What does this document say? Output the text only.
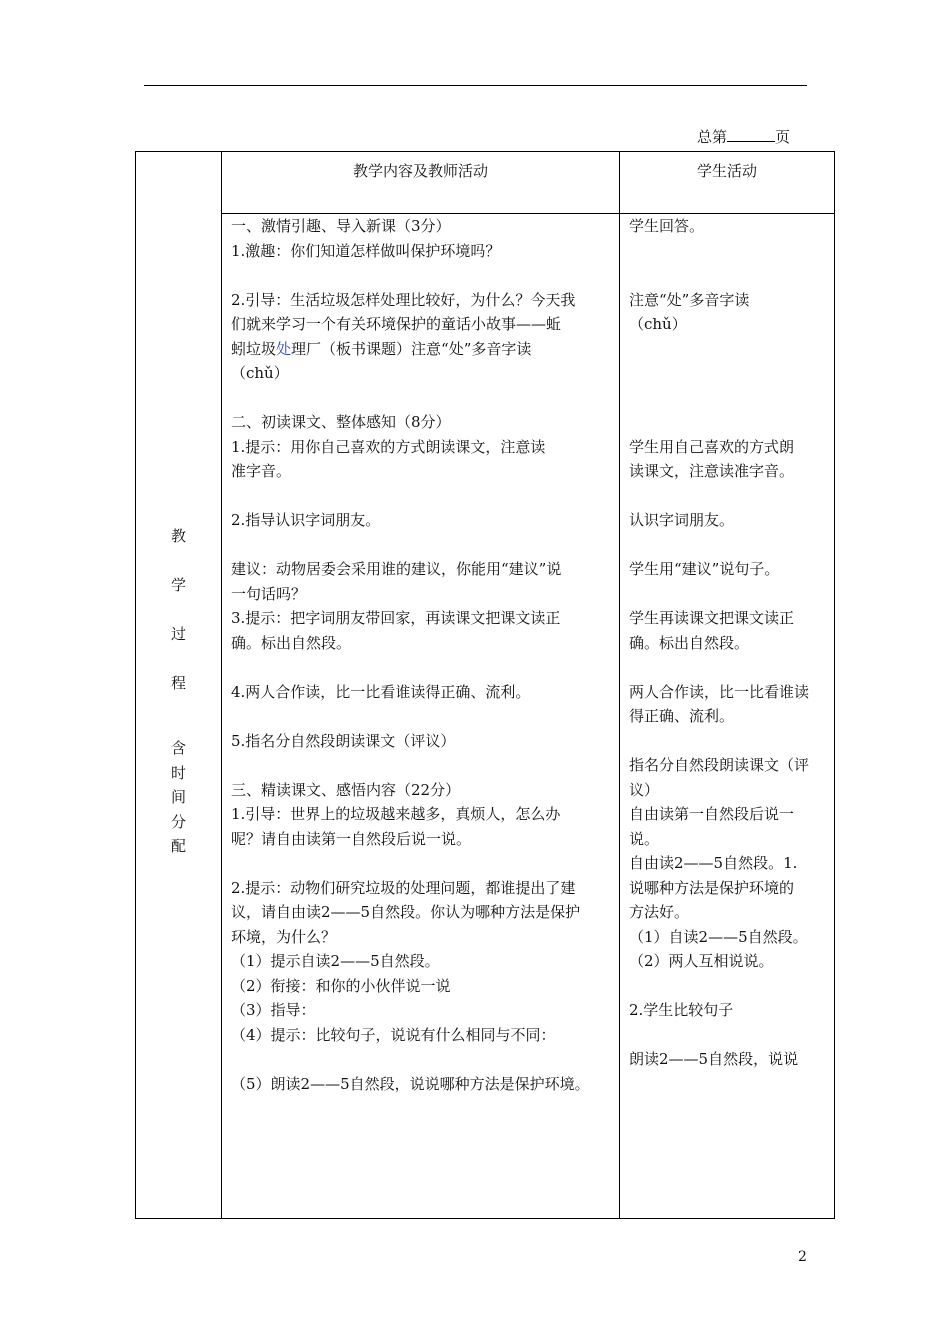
总第	页
教学内容及教师活动	学生活动
教
学
过
程
含
时
间
分
配

一、激情引趣、导入新课（3分）

1.激趣：你们知道怎样做叫保护环境吗？

2.引导：生活垃圾怎样处理比较好，为什么？今天我

们就来学习一个有关环境保护的童话小故事——蚯

蚓垃圾处理厂（板书课题）注意“处”多音字读

（chǔ）

二、初读课文、整体感知（8分）

1.提示：用你自己喜欢的方式朗读课文，注意读

准字音。

2.指导认识字词朋友。

建议：动物居委会采用谁的建议，你能用“建议”说

一句话吗？

3.提示：把字词朋友带回家，再读课文把课文读正

确。标出自然段。

4.两人合作读，比一比看谁读得正确、流利。

5.指名分自然段朗读课文（评议）

三、精读课文、感悟内容（22分）

1.引导：世界上的垃圾越来越多，真烦人，怎么办

呢？请自由读第一自然段后说一说。

2.提示：动物们研究垃圾的处理问题，都谁提出了建

议，请自由读2——5自然段。你认为哪种方法是保护

环境，为什么？

（1）提示自读2——5自然段。

（2）衔接：和你的小伙伴说一说

（3）指导：

（4）提示：比较句子，说说有什么相同与不同：

（5）朗读2——5自然段，说说哪种方法是保护环境。

学生回答。

注意“处”多音字读

（chǔ）

学生用自己喜欢的方式朗

读课文，注意读准字音。

认识字词朋友。

学生用“建议”说句子。

学生再读课文把课文读正

确。标出自然段。

两人合作读，比一比看谁读

得正确、流利。

指名分自然段朗读课文（评

议）

自由读第一自然段后说一

说。

自由读2——5自然段。1.

说哪种方法是保护环境的

方法好。

（1）自读2——5自然段。

（2）两人互相说说。

2.学生比较句子

朗读2——5自然段，说说

2
